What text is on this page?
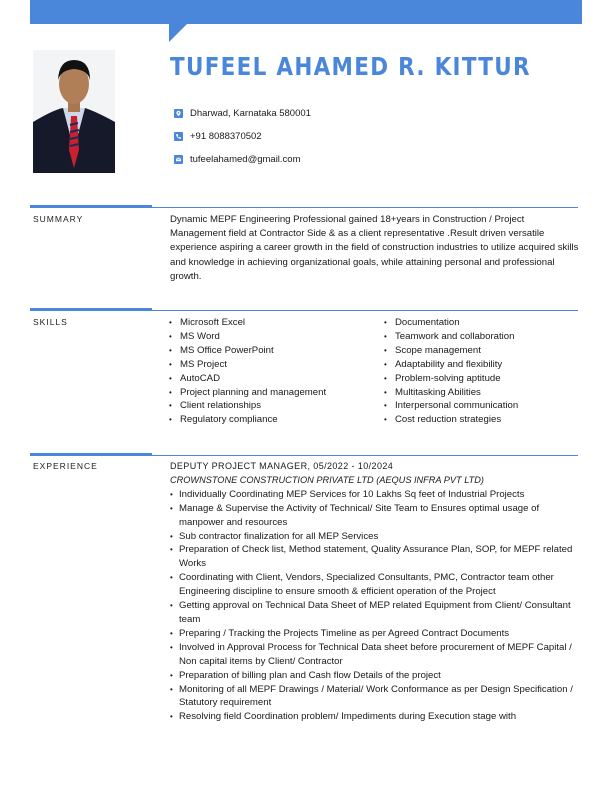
TUFEEL AHAMED R. KITTUR
Dharwad, Karnataka 580001
+91 8088370502
tufeelahamed@gmail.com
SUMMARY	Dynamic MEPF Engineering Professional gained 18+years in Construction / Project Management field at Contractor Side & as a client representative .Result driven versatile experience aspiring a career growth in the field of construction industries to utilize acquired skills and knowledge in achieving organizational goals, while attaining personal and professional growth.
SKILLS	• Microsoft Excel
• MS Word
• MS Office PowerPoint
• MS Project
• AutoCAD
• Project planning and management
• Client relationships
• Regulatory compliance
• Documentation
• Teamwork and collaboration
• Scope management
• Adaptability and flexibility
• Problem-solving aptitude
• Multitasking Abilities
• Interpersonal communication
• Cost reduction strategies
EXPERIENCE	DEPUTY PROJECT MANAGER, 05/2022 - 10/2024
CROWNSTONE CONSTRUCTION PRIVATE LTD (AEQUS INFRA PVT LTD)
• Individually Coordinating MEP Services for 10 Lakhs Sq feet of Industrial Projects
• Manage & Supervise the Activity of Technical/ Site Team to Ensures optimal usage of manpower and resources
• Sub contractor finalization for all MEP Services
• Preparation of Check list, Method statement, Quality Assurance Plan, SOP, for MEPF related Works
• Coordinating with Client, Vendors, Specialized Consultants, PMC, Contractor team other Engineering discipline to ensure smooth & efficient operation of the Project
• Getting approval on Technical Data Sheet of MEP related Equipment from Client/ Consultant team
• Preparing / Tracking the Projects Timeline as per Agreed Contract Documents
• Involved in Approval Process for Technical Data sheet before procurement of MEPF Capital / Non capital items by Client/ Contractor
• Preparation of billing plan and Cash flow Details of the project
• Monitoring of all MEPF Drawings / Material/ Work Conformance as per Design Specification / Statutory requirement
• Resolving field Coordination problem/ Impediments during Execution stage with
